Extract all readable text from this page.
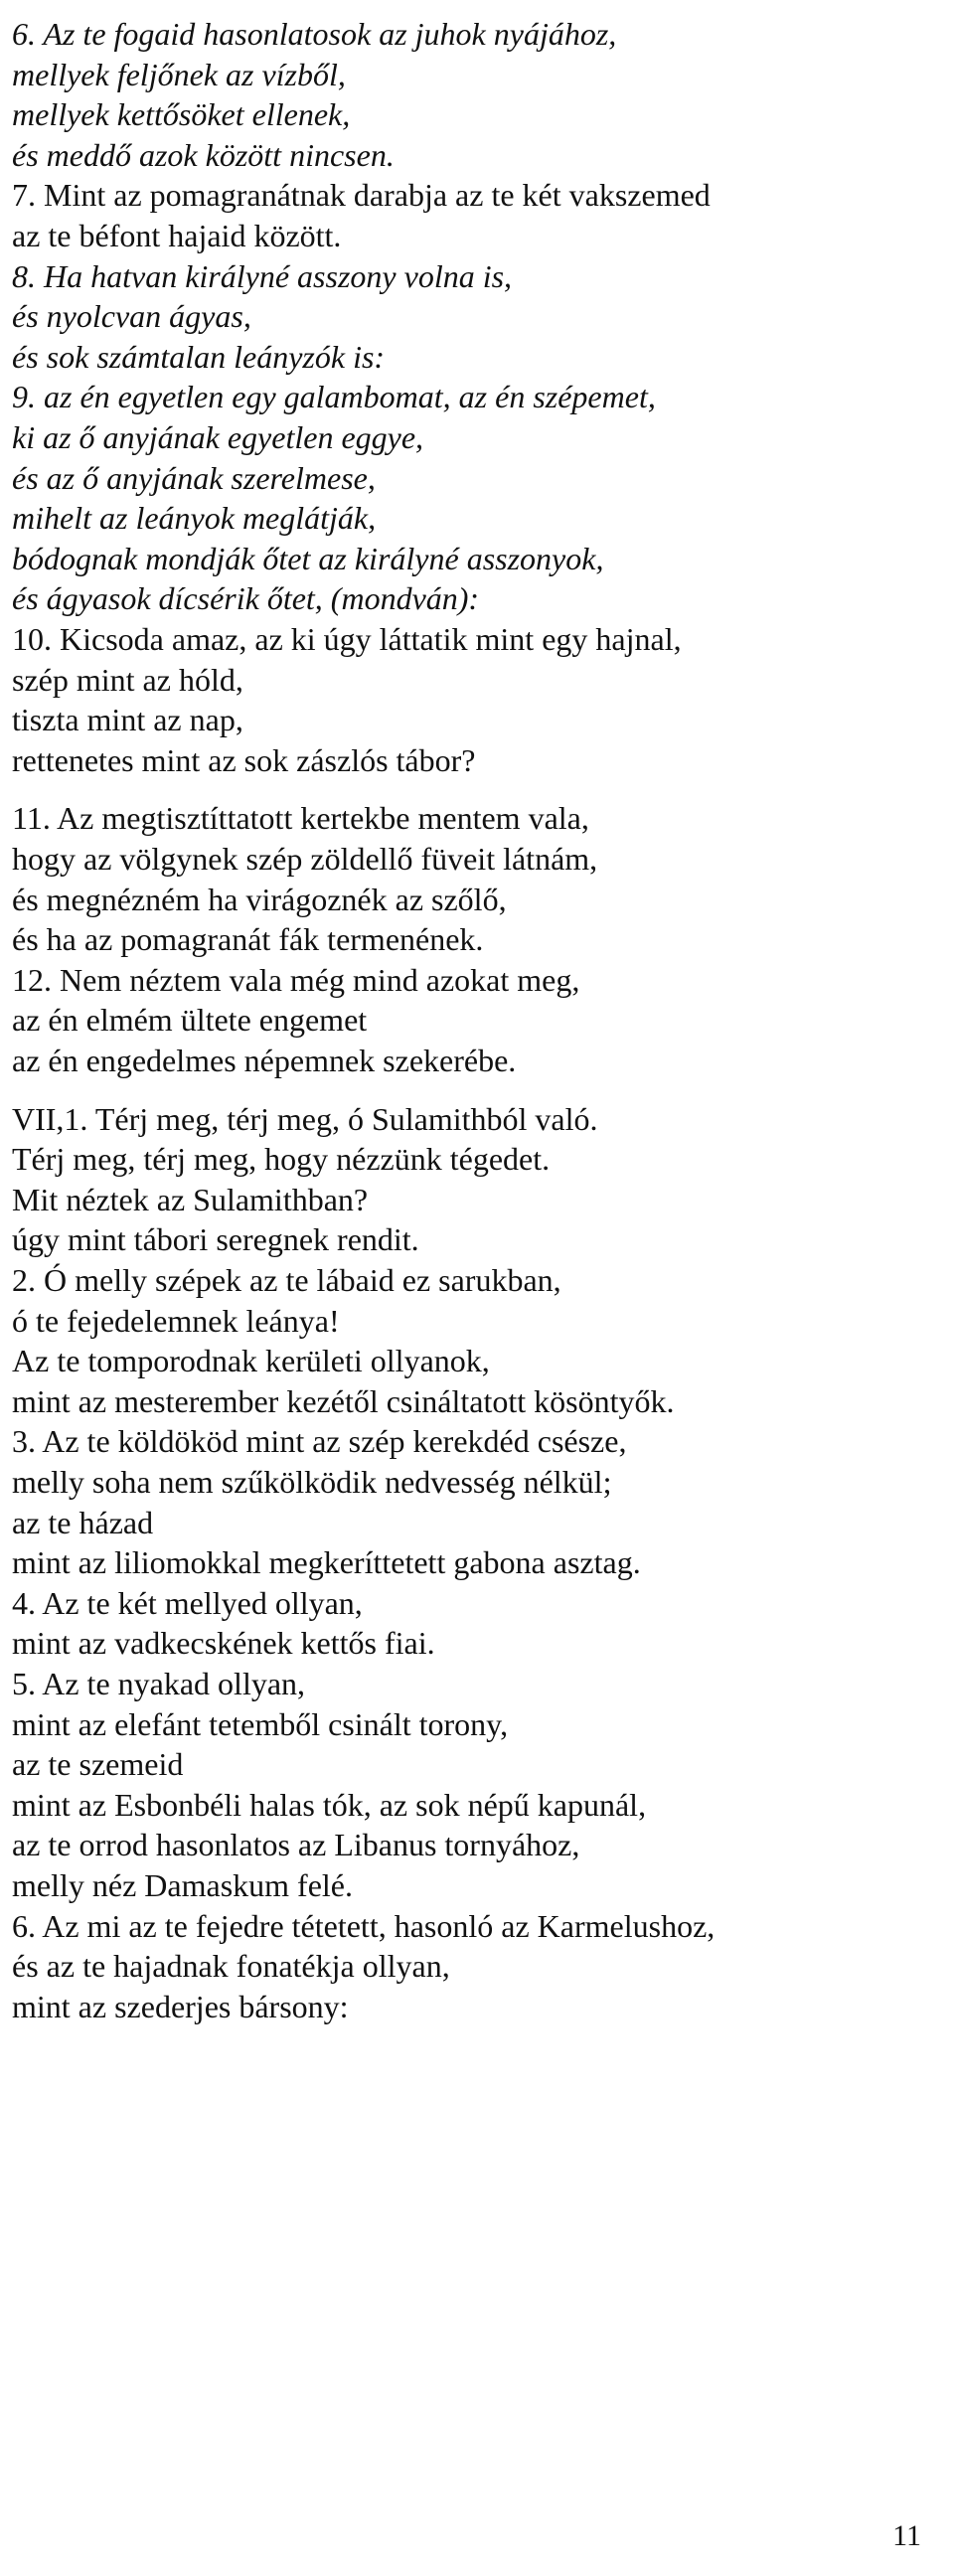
6. Az te fogaid hasonlatosok az juhok nyájához,
mellyek feljőnek az vízből,
mellyek kettősöket ellenek,
és meddő azok között nincsen.
7. Mint az pomagranátnak darabja az te két vakszemed
az te béfont hajaid között.
8. Ha hatvan királyné asszony volna is,
és nyolcvan ágyas,
és sok számtalan leányzók is:
9. az én egyetlen egy galambomat, az én szépemet,
ki az ő anyjának egyetlen eggye,
és az ő anyjának szerelmese,
mihelt az leányok meglátják,
bódognak mondják őtet az királyné asszonyok,
és ágyasok dícsérik őtet, (mondván):
10. Kicsoda amaz, az ki úgy láttatik mint egy hajnal,
szép mint az hóld,
tiszta mint az nap,
rettenetes mint az sok zászlós tábor?
11. Az megtisztíttatott kertekbe mentem vala,
hogy az völgynek szép zöldellő füveit látnám,
és megnézném ha virágoznék az szőlő,
és ha az pomagranát fák termenének.
12. Nem néztem vala még mind azokat meg,
az én elmém ültete engemet
az én engedelmes népemnek szekerébe.
VII,1. Térj meg, térj meg, ó Sulamithból való.
Térj meg, térj meg, hogy nézzünk tégedet.
Mit néztek az Sulamithban?
úgy mint tábori seregnek rendit.
2. Ó melly szépek az te lábaid ez sarukban,
ó te fejedelemnek leánya!
Az te tomporodnak kerületi ollyanok,
mint az mesterember kezétől csináltatott kösöntyők.
3. Az te köldököd mint az szép kerekdéd csésze,
melly soha nem szűkölködik nedvesség nélkül;
az te házad
mint az liliomokkal megkeríttetett gabona asztag.
4. Az te két mellyed ollyan,
mint az vadkecskének kettős fiai.
5. Az te nyakad ollyan,
mint az elefánt tetemből csinált torony,
az te szemeid
mint az Esbonbéli halas tók, az sok népű kapunál,
az te orrod hasonlatos az Libanus tornyához,
melly néz Damaskum felé.
6. Az mi az te fejedre tétetett, hasonló az Karmelushoz,
és az te hajadnak fonatékja ollyan,
mint az szederjes bársony:
11
